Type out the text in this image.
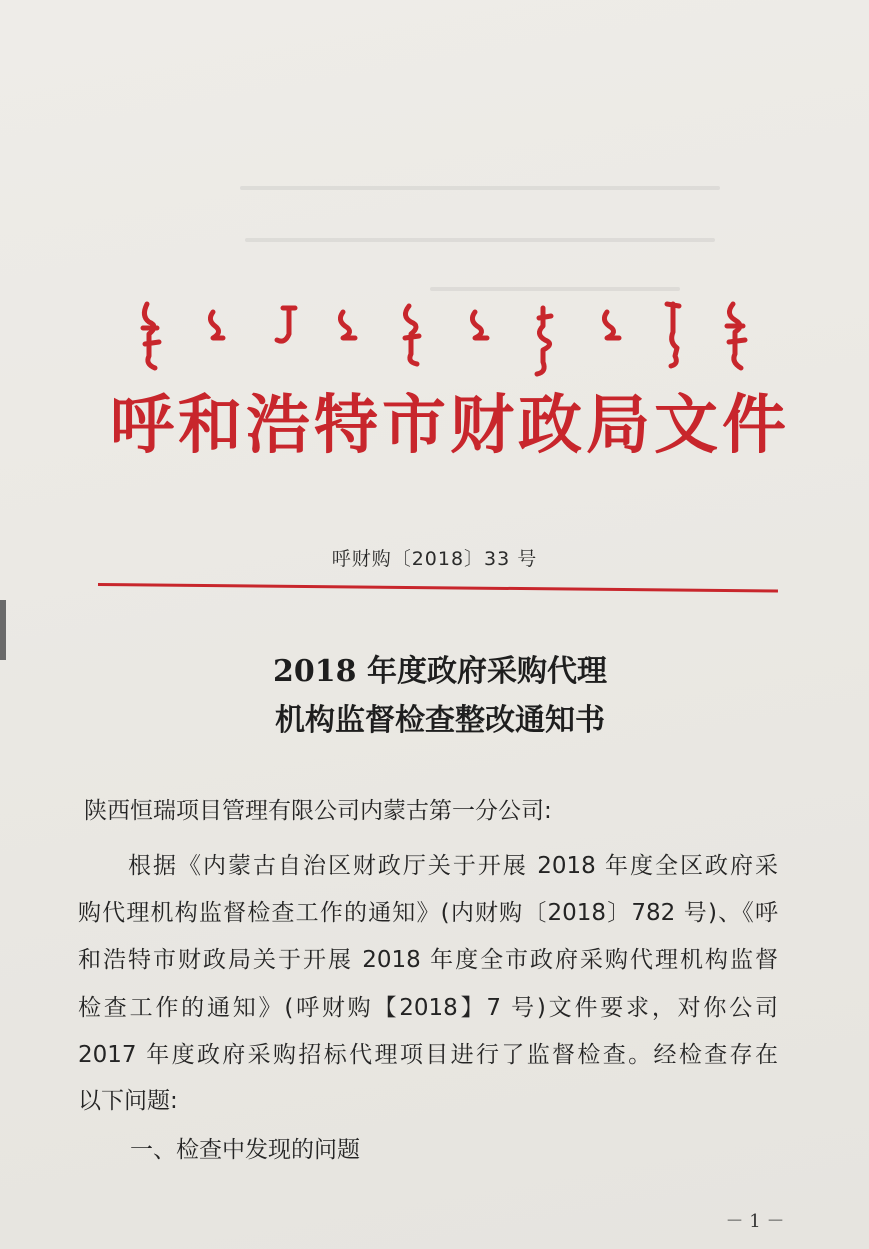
ᠬᠥᠬᠡᠬᠣᠲᠠ ᠶᠢᠨ ᠰᠠᠩᠬᠦᠦ ᠶᠢᠨ ᠲᠣᠪᠴᠢᠶ᠎ᠠ ᠶᠢᠨ ᠪᠢᠴᠢᠭ
呼和浩特市财政局文件
呼财购〔2018〕33 号
2018 年度政府采购代理
机构监督检查整改通知书
陕西恒瑞项目管理有限公司内蒙古第一分公司:
　　根据《内蒙古自治区财政厅关于开展 2018 年度全区政府采
购代理机构监督检查工作的通知》(内财购〔2018〕782 号)、《呼
和浩特市财政局关于开展 2018 年度全市政府采购代理机构监督
检查工作的通知》(呼财购【2018】7 号)文件要求，对你公司
2017 年度政府采购招标代理项目进行了监督检查。经检查存在
以下问题:
一、检查中发现的问题
－ 1 －
